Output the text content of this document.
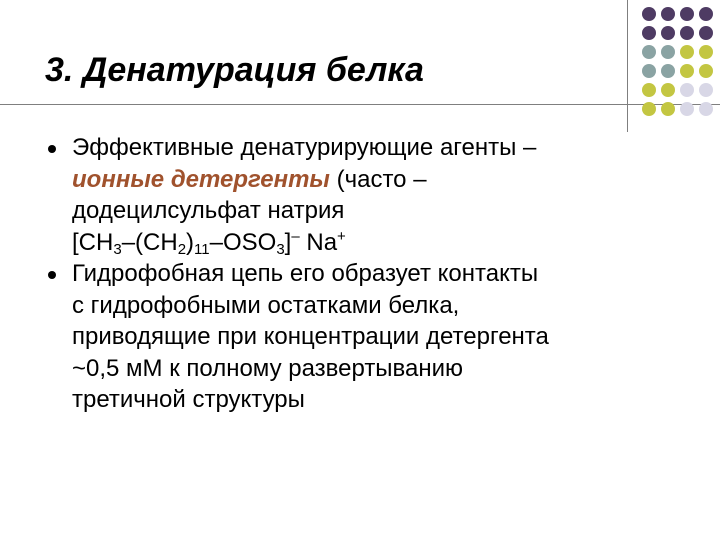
3. Денатурация белка
Эффективные денатурирующие агенты –
ионные детергенты (часто –
додецилсульфат натрия
$[CH_3-(CH_2)_{11}-OSO_3]^-$ Na+
Гидрофобная цепь его образует контакты
с гидрофобными остатками белка,
приводящие при концентрации детергента
~0,5 мМ к полному развертыванию
третичной структуры
